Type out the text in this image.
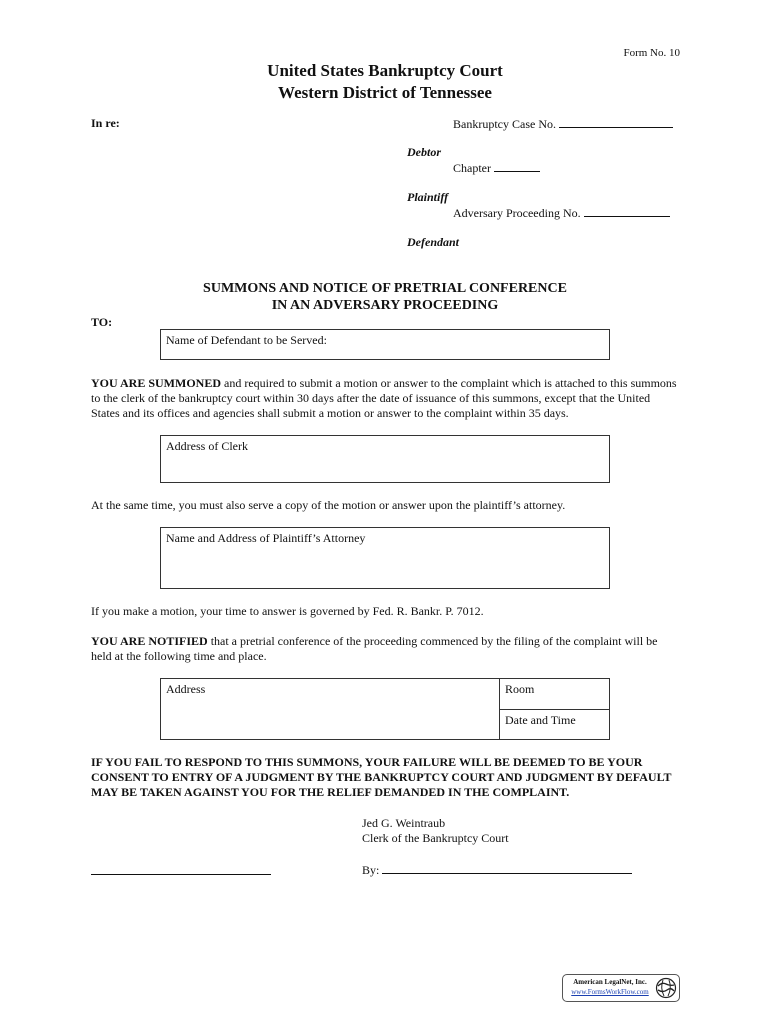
Form No. 10
United States Bankruptcy Court
Western District of Tennessee
In re:	Bankruptcy Case No.
Debtor
Chapter
Plaintiff
Adversary Proceeding No.
Defendant
SUMMONS AND NOTICE OF PRETRIAL CONFERENCE
IN AN ADVERSARY PROCEEDING
TO:
Name of Defendant to be Served:
YOU ARE SUMMONED and required to submit a motion or answer to the complaint which is attached to this summons to the clerk of the bankruptcy court within 30 days after the date of issuance of this summons, except that the United States and its offices and agencies shall submit a motion or answer to the complaint within 35 days.
Address of Clerk
At the same time, you must also serve a copy of the motion or answer upon the plaintiff’s attorney.
Name and Address of Plaintiff’s Attorney
If you make a motion, your time to answer is governed by Fed. R. Bankr. P. 7012.
YOU ARE NOTIFIED that a pretrial conference of the proceeding commenced by the filing of the complaint will be held at the following time and place.
Address	Room
Date and Time
IF YOU FAIL TO RESPOND TO THIS SUMMONS, YOUR FAILURE WILL BE DEEMED TO BE YOUR CONSENT TO ENTRY OF A JUDGMENT BY THE BANKRUPTCY COURT AND JUDGMENT BY DEFAULT MAY BE TAKEN AGAINST YOU FOR THE RELIEF DEMANDED IN THE COMPLAINT.
Jed G. Weintraub
Clerk of the Bankruptcy Court
By:
American LegalNet, Inc.
www.FormsWorkFlow.com
